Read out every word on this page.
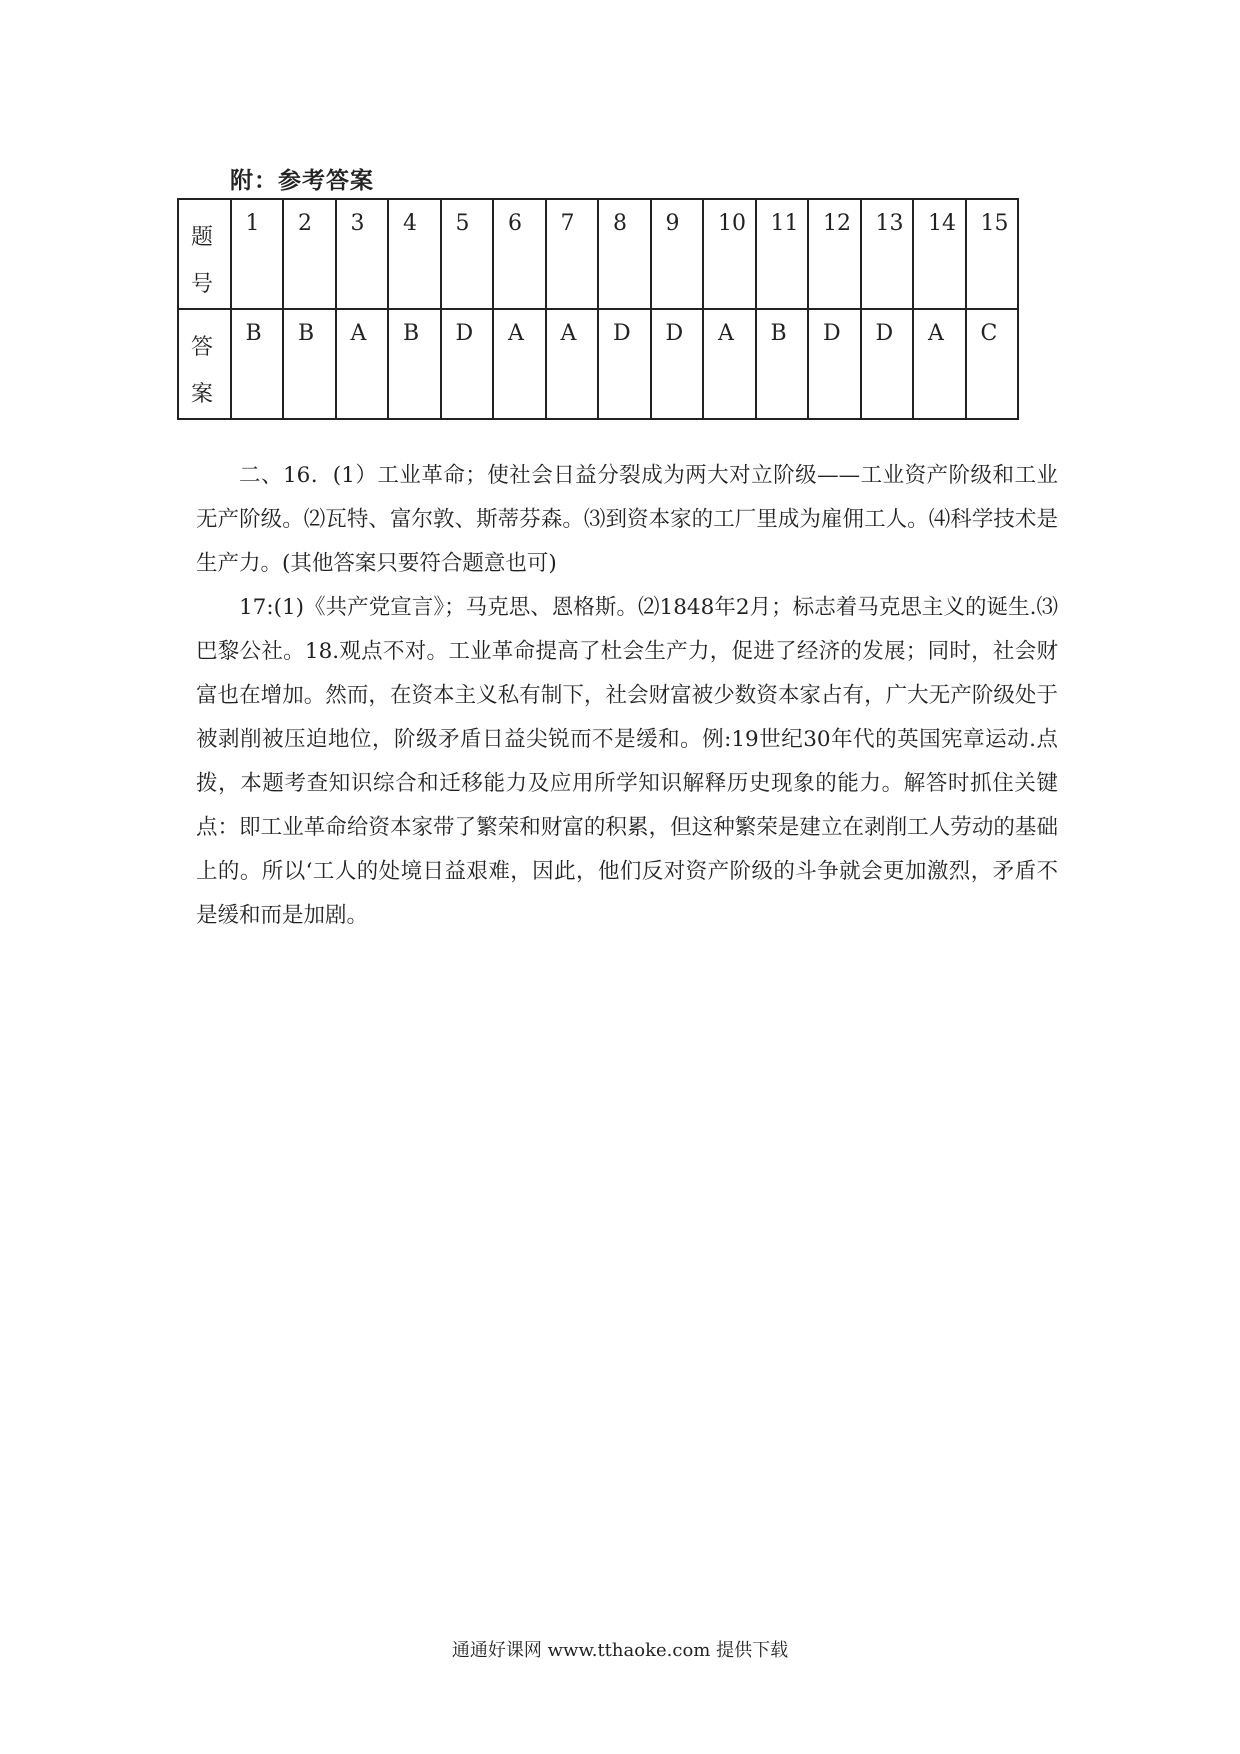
附：参考答案
题
号	1	2	3	4	5	6	7	8	9	10	11	12	13	14	15

答
案	B	B	A	B	D	A	A	D	D	A	B	D	D	A	C

二、16．(1）工业革命；使社会日益分裂成为两大对立阶级——工业资产阶级和工业无产阶级。⑵瓦特、富尔敦、斯蒂芬森。⑶到资本家的工厂里成为雇佣工人。⑷科学技术是生产力。(其他答案只要符合题意也可)

17:(1)《共产党宣言》；马克思、恩格斯。⑵1848年2月；标志着马克思主义的诞生.⑶巴黎公社。18.观点不对。工业革命提高了杜会生产力，促进了经济的发展；同时，社会财富也在增加。然而，在资本主义私有制下，社会财富被少数资本家占有，广大无产阶级处于被剥削被压迫地位，阶级矛盾日益尖锐而不是缓和。例:19世纪30年代的英国宪章运动.点拨，本题考查知识综合和迁移能力及应用所学知识解释历史现象的能力。解答时抓住关键点：即工业革命给资本家带了繁荣和财富的积累，但这种繁荣是建立在剥削工人劳动的基础上的。所以‘工人的处境日益艰难，因此，他们反对资产阶级的斗争就会更加激烈，矛盾不是缓和而是加剧。

通通好课网 www.tthaoke.com 提供下载
